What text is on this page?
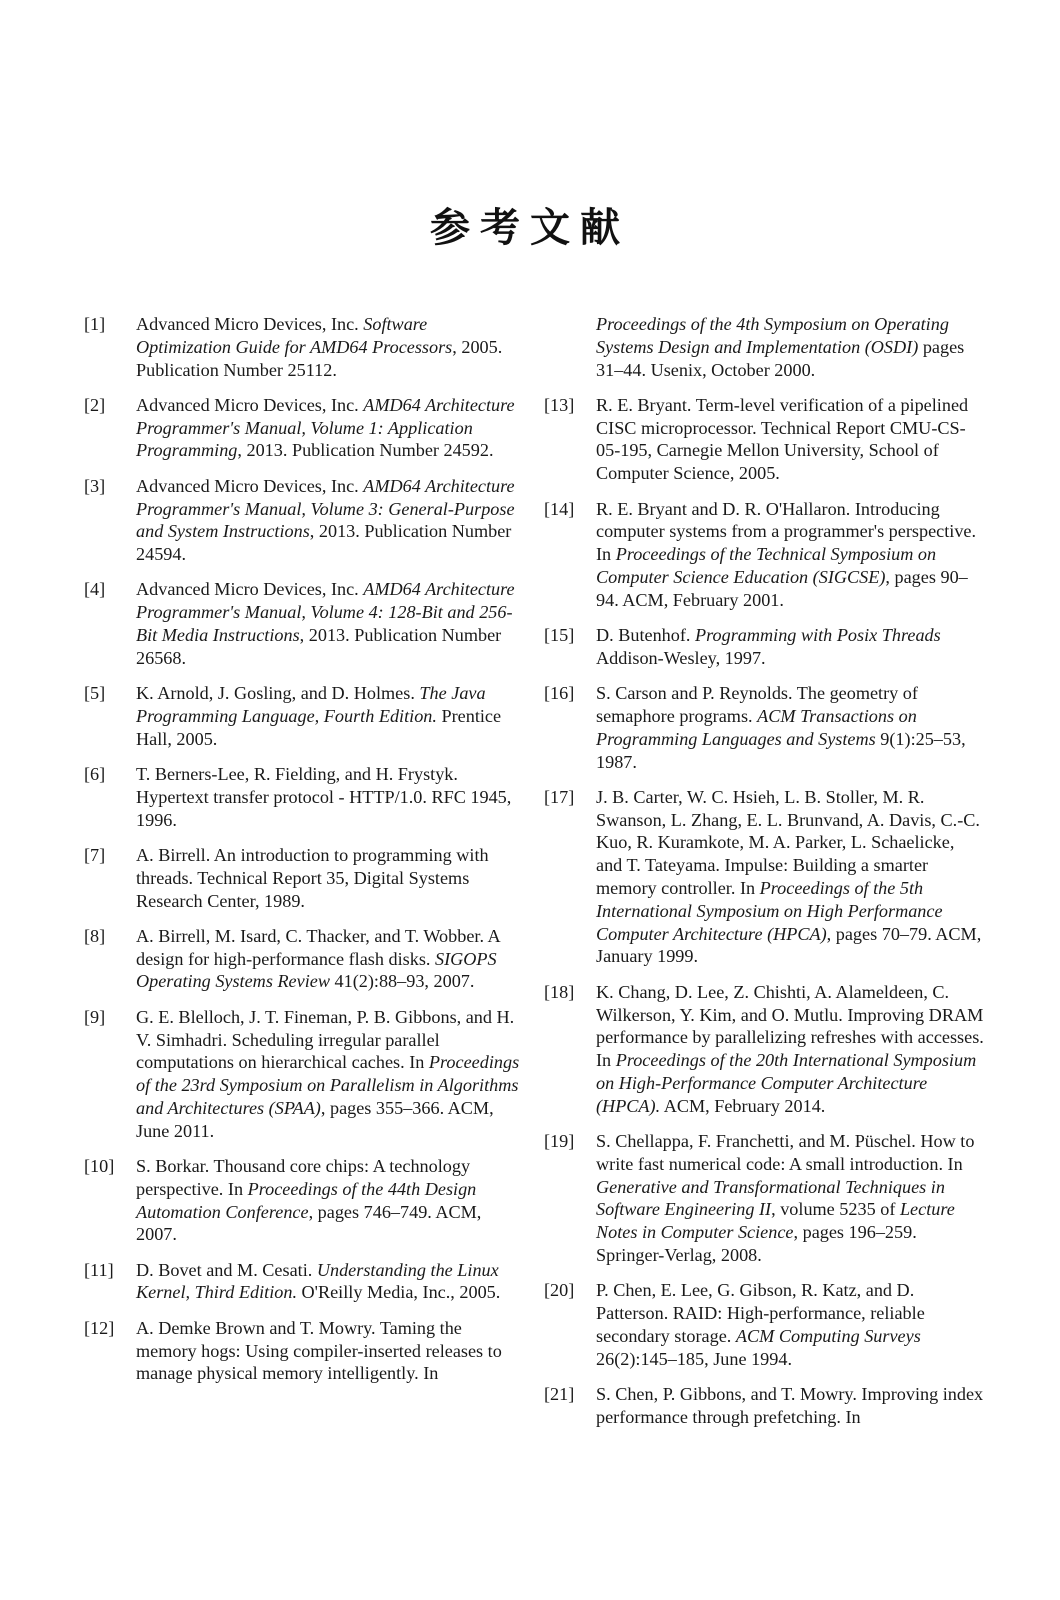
参考文献
[1] Advanced Micro Devices, Inc. Software Optimization Guide for AMD64 Processors, 2005. Publication Number 25112.
[2] Advanced Micro Devices, Inc. AMD64 Architecture Programmer's Manual, Volume 1: Application Programming, 2013. Publication Number 24592.
[3] Advanced Micro Devices, Inc. AMD64 Architecture Programmer's Manual, Volume 3: General-Purpose and System Instructions, 2013. Publication Number 24594.
[4] Advanced Micro Devices, Inc. AMD64 Architecture Programmer's Manual, Volume 4: 128-Bit and 256-Bit Media Instructions, 2013. Publication Number 26568.
[5] K. Arnold, J. Gosling, and D. Holmes. The Java Programming Language, Fourth Edition. Prentice Hall, 2005.
[6] T. Berners-Lee, R. Fielding, and H. Frystyk. Hypertext transfer protocol - HTTP/1.0. RFC 1945, 1996.
[7] A. Birrell. An introduction to programming with threads. Technical Report 35, Digital Systems Research Center, 1989.
[8] A. Birrell, M. Isard, C. Thacker, and T. Wobber. A design for high-performance flash disks. SIGOPS Operating Systems Review 41(2):88–93, 2007.
[9] G. E. Blelloch, J. T. Fineman, P. B. Gibbons, and H. V. Simhadri. Scheduling irregular parallel computations on hierarchical caches. In Proceedings of the 23rd Symposium on Parallelism in Algorithms and Architectures (SPAA), pages 355–366. ACM, June 2011.
[10] S. Borkar. Thousand core chips: A technology perspective. In Proceedings of the 44th Design Automation Conference, pages 746–749. ACM, 2007.
[11] D. Bovet and M. Cesati. Understanding the Linux Kernel, Third Edition. O'Reilly Media, Inc., 2005.
[12] A. Demke Brown and T. Mowry. Taming the memory hogs: Using compiler-inserted releases to manage physical memory intelligently. In
Proceedings of the 4th Symposium on Operating Systems Design and Implementation (OSDI) pages 31–44. Usenix, October 2000.
[13] R. E. Bryant. Term-level verification of a pipelined CISC microprocessor. Technical Report CMU-CS-05-195, Carnegie Mellon University, School of Computer Science, 2005.
[14] R. E. Bryant and D. R. O'Hallaron. Introducing computer systems from a programmer's perspective. In Proceedings of the Technical Symposium on Computer Science Education (SIGCSE), pages 90–94. ACM, February 2001.
[15] D. Butenhof. Programming with Posix Threads Addison-Wesley, 1997.
[16] S. Carson and P. Reynolds. The geometry of semaphore programs. ACM Transactions on Programming Languages and Systems 9(1):25–53, 1987.
[17] J. B. Carter, W. C. Hsieh, L. B. Stoller, M. R. Swanson, L. Zhang, E. L. Brunvand, A. Davis, C.-C. Kuo, R. Kuramkote, M. A. Parker, L. Schaelicke, and T. Tateyama. Impulse: Building a smarter memory controller. In Proceedings of the 5th International Symposium on High Performance Computer Architecture (HPCA), pages 70–79. ACM, January 1999.
[18] K. Chang, D. Lee, Z. Chishti, A. Alameldeen, C. Wilkerson, Y. Kim, and O. Mutlu. Improving DRAM performance by parallelizing refreshes with accesses. In Proceedings of the 20th International Symposium on High-Performance Computer Architecture (HPCA). ACM, February 2014.
[19] S. Chellappa, F. Franchetti, and M. Püschel. How to write fast numerical code: A small introduction. In Generative and Transformational Techniques in Software Engineering II, volume 5235 of Lecture Notes in Computer Science, pages 196–259. Springer-Verlag, 2008.
[20] P. Chen, E. Lee, G. Gibson, R. Katz, and D. Patterson. RAID: High-performance, reliable secondary storage. ACM Computing Surveys 26(2):145–185, June 1994.
[21] S. Chen, P. Gibbons, and T. Mowry. Improving index performance through prefetching. In
